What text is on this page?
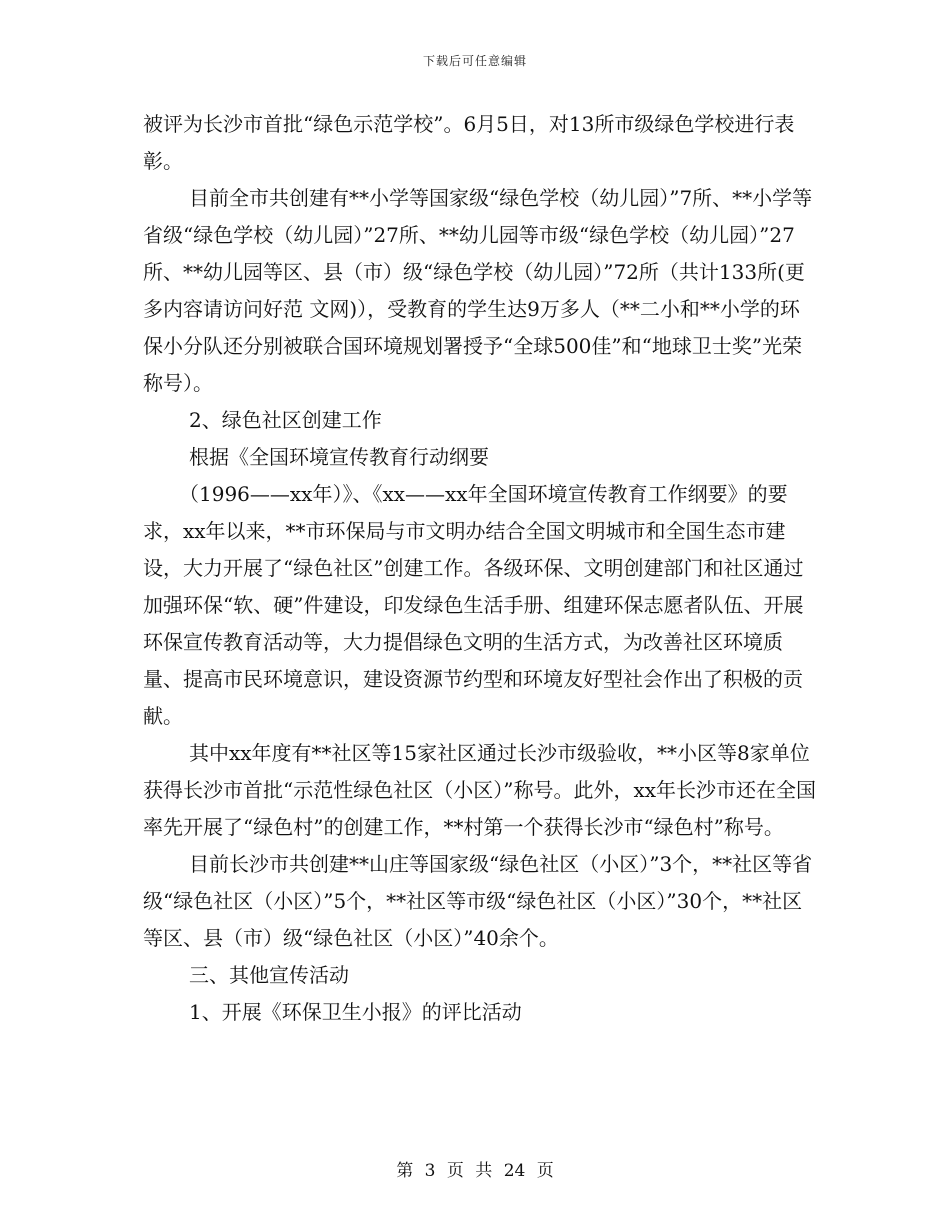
下载后可任意编辑

被评为长沙市首批“绿色示范学校”。6月5日，对13所市级绿色学校进行表彰。

目前全市共创建有**小学等国家级“绿色学校（幼儿园）”7所、**小学等省级“绿色学校（幼儿园）”27所、**幼儿园等市级“绿色学校（幼儿园）”27所、**幼儿园等区、县（市）级“绿色学校（幼儿园）”72所（共计133所(更多内容请访问好范 文网)），受教育的学生达9万多人（**二小和**小学的环保小分队还分别被联合国环境规划署授予“全球500佳”和“地球卫士奖”光荣称号）。

2、绿色社区创建工作

根据《全国环境宣传教育行动纲要

（1996——xx年）》、《xx——xx年全国环境宣传教育工作纲要》的要求，xx年以来，**市环保局与市文明办结合全国文明城市和全国生态市建设，大力开展了“绿色社区”创建工作。各级环保、文明创建部门和社区通过加强环保“软、硬”件建设，印发绿色生活手册、组建环保志愿者队伍、开展环保宣传教育活动等，大力提倡绿色文明的生活方式，为改善社区环境质量、提高市民环境意识，建设资源节约型和环境友好型社会作出了积极的贡献。

其中xx年度有**社区等15家社区通过长沙市级验收，**小区等8家单位获得长沙市首批“示范性绿色社区（小区）”称号。此外，xx年长沙市还在全国率先开展了“绿色村”的创建工作，**村第一个获得长沙市“绿色村”称号。

目前长沙市共创建**山庄等国家级“绿色社区（小区）”3个，**社区等省级“绿色社区（小区）”5个，**社区等市级“绿色社区（小区）”30个，**社区等区、县（市）级“绿色社区（小区）”40余个。

三、其他宣传活动

1、开展《环保卫生小报》的评比活动

第 3 页 共 24 页
